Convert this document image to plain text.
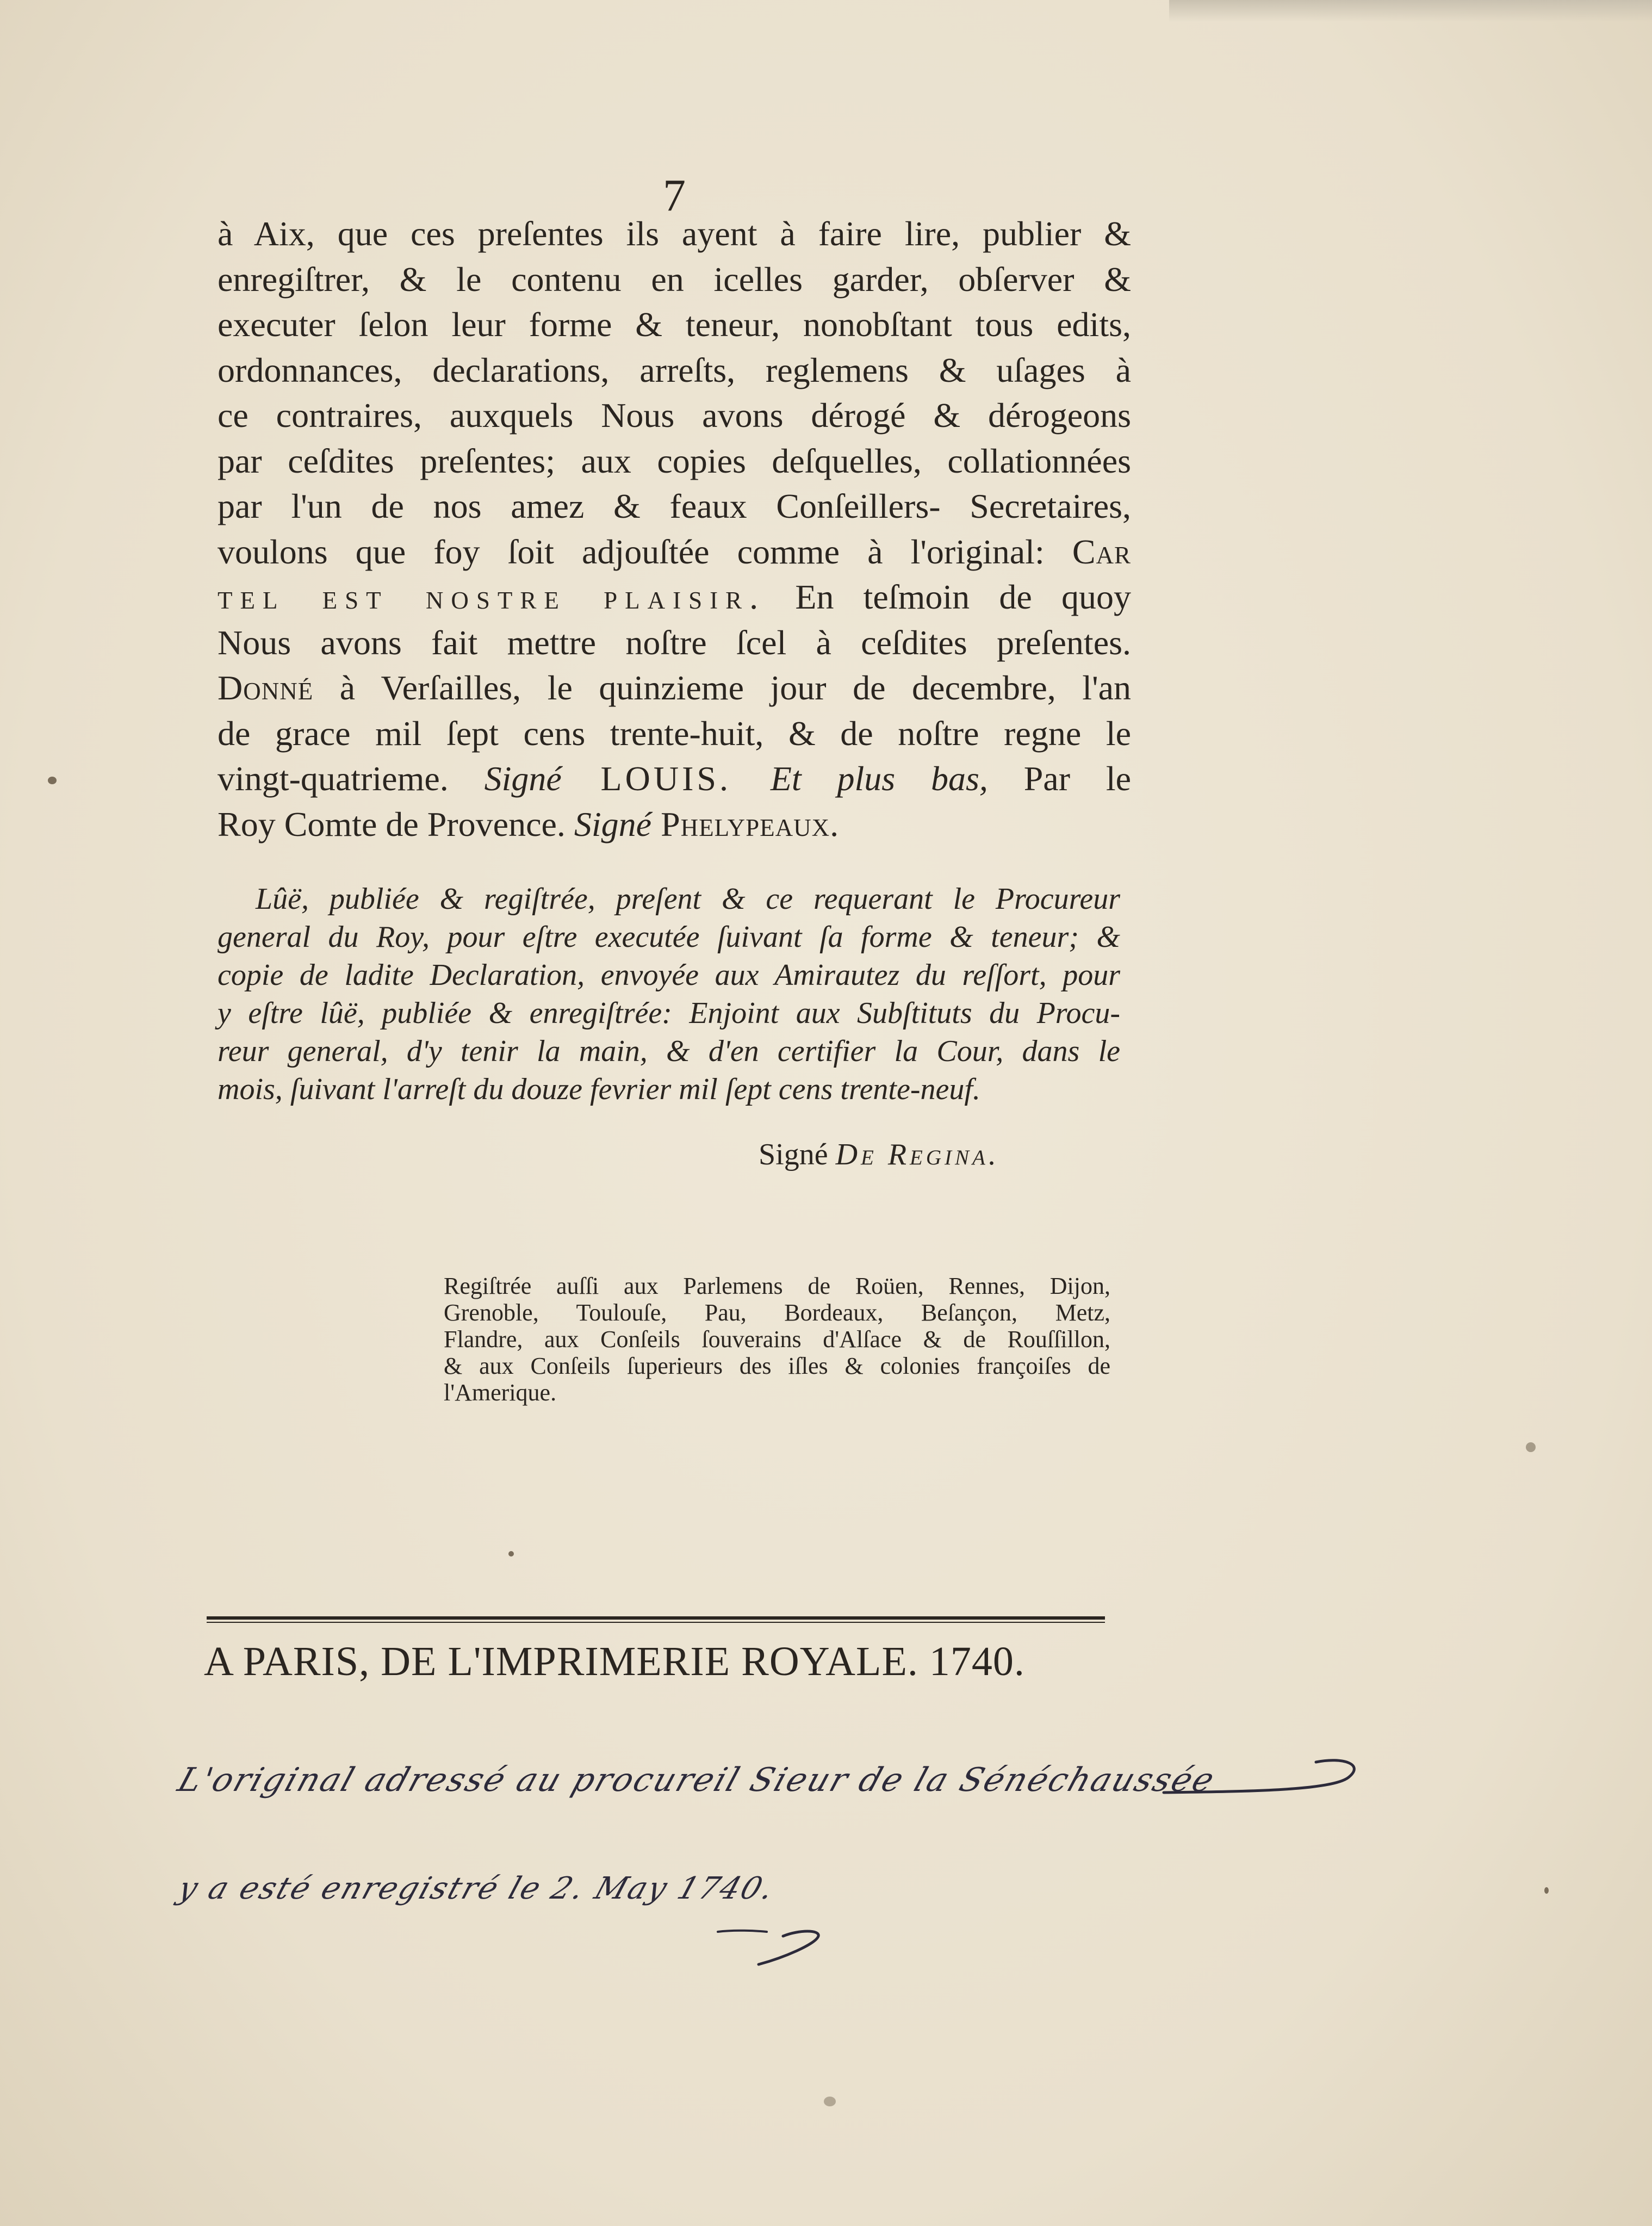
7
à Aix, que ces preſentes ils ayent à faire lire, publier &
enregiſtrer, & le contenu en icelles garder, obſerver &
executer ſelon leur forme & teneur, nonobſtant tous edits,
ordonnances, declarations, arreſts, reglemens & uſages à
ce contraires, auxquels Nous avons dérogé & dérogeons
par ceſdites preſentes; aux copies deſquelles, collationnées
par l'un de nos amez & feaux Conſeillers- Secretaires,
voulons que foy ſoit adjouſtée comme à l'original: Car
tel est nostre plaisir. En teſmoin de quoy
Nous avons fait mettre noſtre ſcel à ceſdites preſentes.
Donné à Verſailles, le quinzieme jour de decembre, l'an
de grace mil ſept cens trente-huit, & de noſtre regne le
vingt-quatrieme. Signé LOUIS. Et plus bas, Par le
Roy Comte de Provence. Signé Phelypeaux.
Lûë, publiée & regiſtrée, preſent & ce requerant le Procureur
general du Roy, pour eſtre executée ſuivant ſa forme & teneur; &
copie de ladite Declaration, envoyée aux Amirautez du reſſort, pour
y eſtre lûë, publiée & enregiſtrée: Enjoint aux Subſtituts du Procu-
reur general, d'y tenir la main, & d'en certifier la Cour, dans le
mois, ſuivant l'arreſt du douze fevrier mil ſept cens trente-neuf.
Signé De Regina.
Regiſtrée auſſi aux Parlemens de Roüen, Rennes, Dijon,
Grenoble, Toulouſe, Pau, Bordeaux, Beſançon, Metz,
Flandre, aux Conſeils ſouverains d'Alſace & de Rouſſillon,
& aux Conſeils ſuperieurs des iſles & colonies françoiſes de
l'Amerique.
A PARIS, DE L'IMPRIMERIE ROYALE. 1740.
L'original adressé au procureil Sieur de la Sénéchaussée
y a esté enregistré le 2. May 1740.
